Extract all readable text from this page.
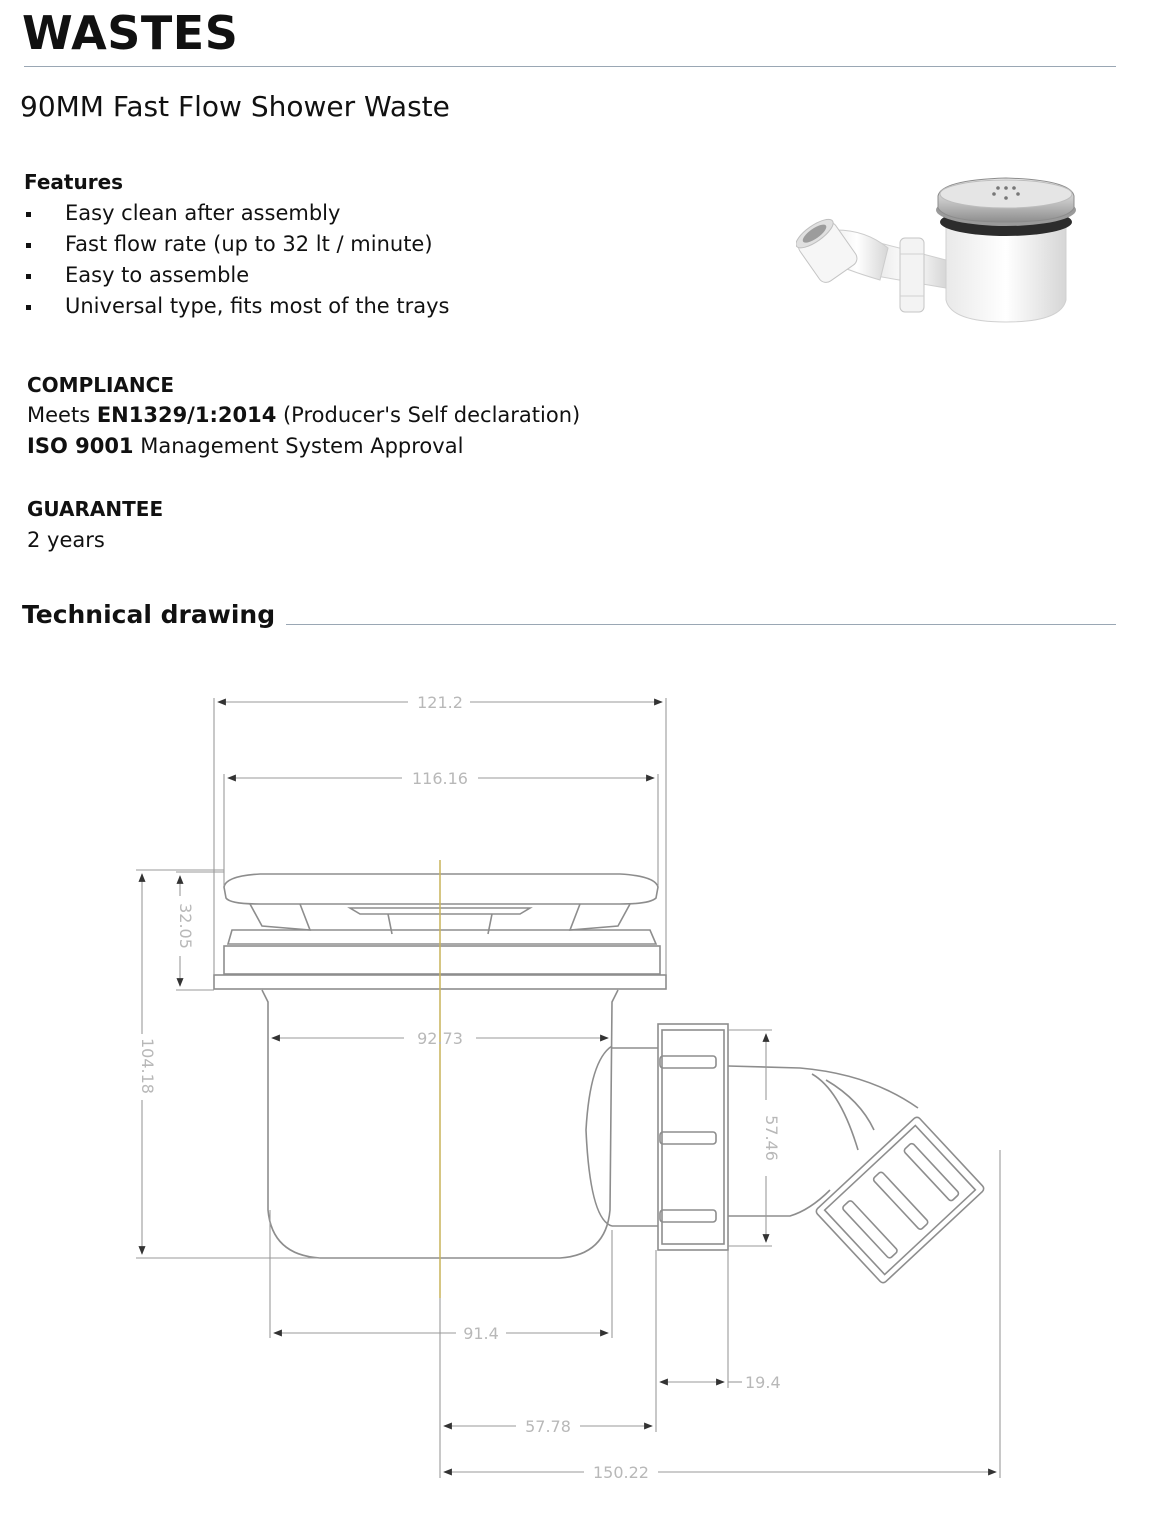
WASTES
90MM Fast Flow Shower Waste
Features
Easy clean after assembly
Fast flow rate (up to 32 lt / minute)
Easy to assemble
Universal type, fits most of the trays
COMPLIANCE
Meets EN1329/1:2014 (Producer's Self declaration)
ISO 9001 Management System Approval
GUARANTEE
2 years
Technical drawing
121.2
116.16
32.05
104.18	92.73
57.46
91.4
19.4
57.78
150.22
